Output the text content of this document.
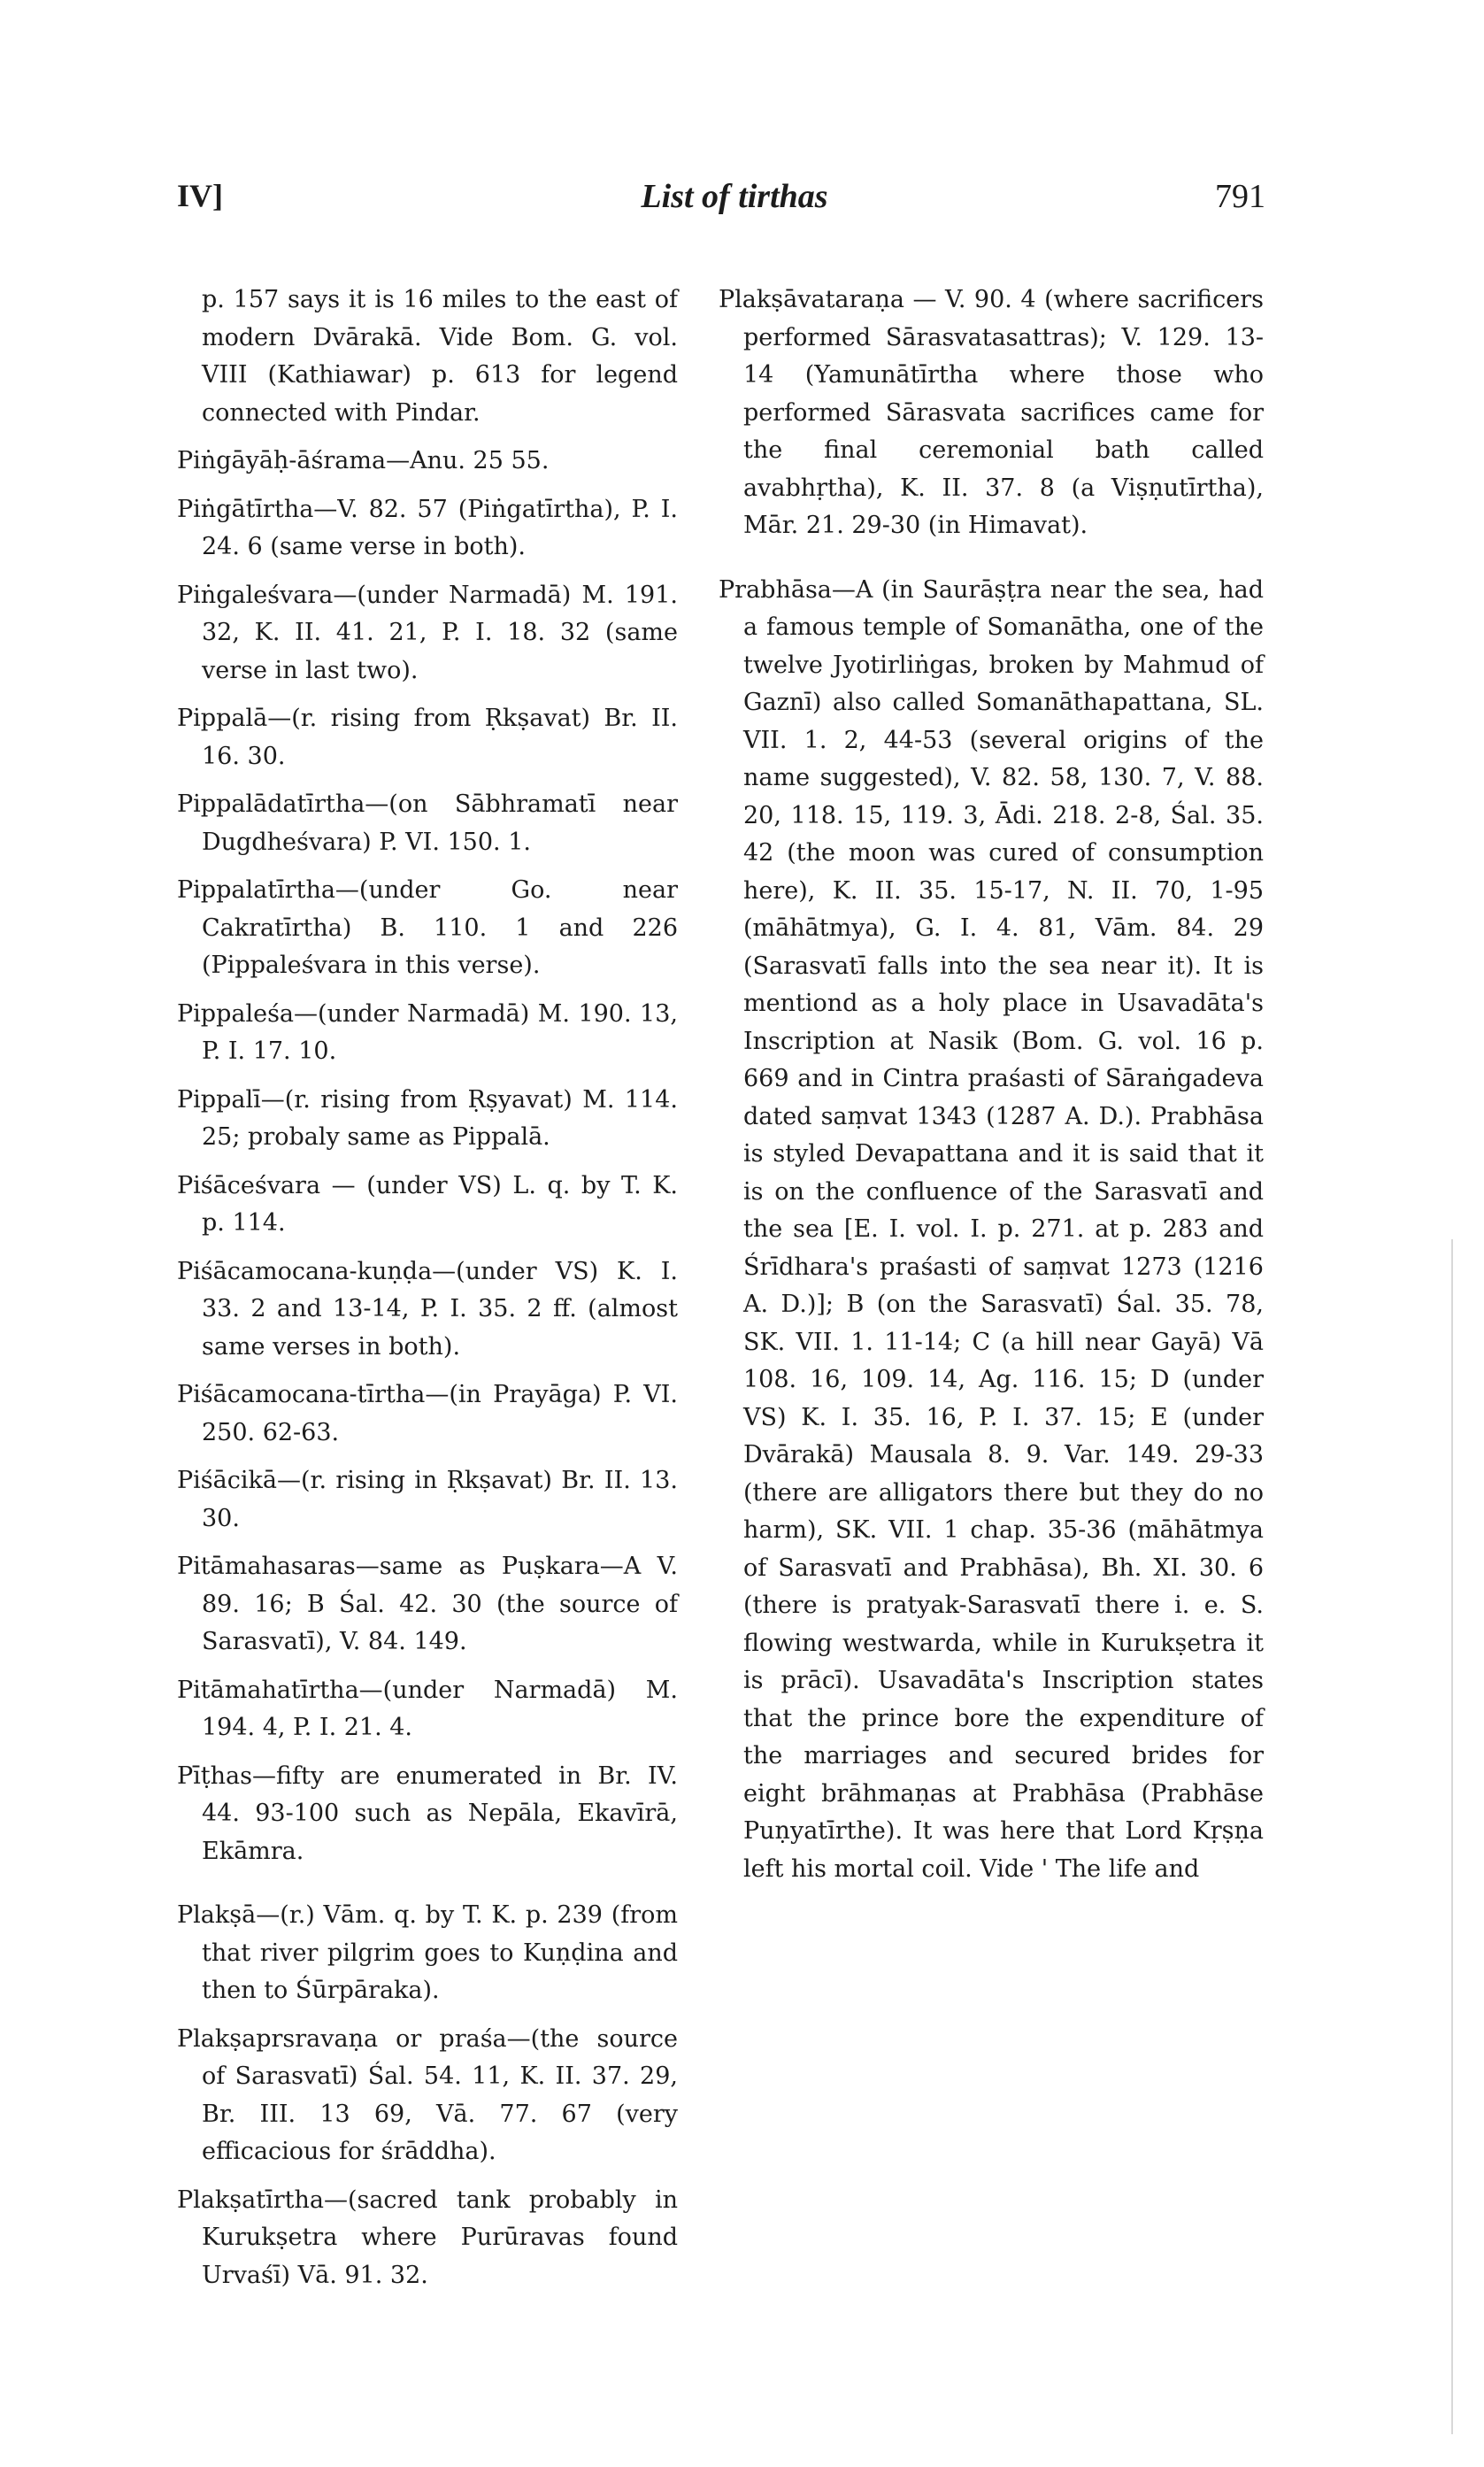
IV]	List of tirthas	791

p. 157 says it is 16 miles to the east of modern Dvārakā. Vide Bom. G. vol. VIII (Kathiawar) p. 613 for legend connected with Pindar.

Piṅgāyāḥ-āśrama—Anu. 25 55.

Piṅgātīrtha—V. 82. 57 (Piṅgatīrtha), P. I. 24. 6 (same verse in both).

Piṅgaleśvara—(under Narmadā) M. 191. 32, K. II. 41. 21, P. I. 18. 32 (same verse in last two).

Pippalā—(r. rising from Ṛkṣavat) Br. II. 16. 30.

Pippalādatīrtha—(on Sābhramatī near Dugdheśvara) P. VI. 150. 1.

Pippalatīrtha—(under Go. near Cakratīrtha) B. 110. 1 and 226 (Pippaleśvara in this verse).

Pippaleśa—(under Narmadā) M. 190. 13, P. I. 17. 10.

Pippalī—(r. rising from Ṛṣyavat) M. 114. 25; probaly same as Pippalā.

Piśāceśvara — (under VS) L. q. by T. K. p. 114.

Piśācamocana-kuṇḍa—(under VS) K. I. 33. 2 and 13-14, P. I. 35. 2 ff. (almost same verses in both).

Piśācamocana-tīrtha—(in Prayāga) P. VI. 250. 62-63.

Piśācikā—(r. rising in Ṛkṣavat) Br. II. 13. 30.

Pitāmahasaras—same as Puṣkara—A V. 89. 16; B Śal. 42. 30 (the source of Sarasvatī), V. 84. 149.

Pitāmahatīrtha—(under Narmadā) M. 194. 4, P. I. 21. 4.

Pīṭhas—fifty are enumerated in Br. IV. 44. 93-100 such as Nepāla, Ekavīrā, Ekāmra.

Plakṣā—(r.) Vām. q. by T. K. p. 239 (from that river pilgrim goes to Kuṇḍina and then to Śūrpāraka).

Plakṣaprsravaṇa or praśa—(the source of Sarasvatī) Śal. 54. 11, K. II. 37. 29, Br. III. 13 69, Vā. 77. 67 (very efficacious for śrāddha).

Plakṣatīrtha—(sacred tank probably in Kurukṣetra where Purūravas found Urvaśī) Vā. 91. 32.

Plakṣāvataraṇa — V. 90. 4 (where sacrificers performed Sārasvatasattras); V. 129. 13-14 (Yamunātīrtha where those who performed Sārasvata sacrifices came for the final ceremonial bath called avabhṛtha), K. II. 37. 8 (a Viṣṇutīrtha), Mār. 21. 29-30 (in Himavat).

Prabhāsa—A (in Saurāṣṭra near the sea, had a famous temple of Somanātha, one of the twelve Jyotirliṅgas, broken by Mahmud of Gaznī) also called Somanāthapattana, SL. VII. 1. 2, 44-53 (several origins of the name suggested), V. 82. 58, 130. 7, V. 88. 20, 118. 15, 119. 3, Ādi. 218. 2-8, Śal. 35. 42 (the moon was cured of consumption here), K. II. 35. 15-17, N. II. 70, 1-95 (māhātmya), G. I. 4. 81, Vām. 84. 29 (Sarasvatī falls into the sea near it). It is mentiond as a holy place in Usavadāta's Inscription at Nasik (Bom. G. vol. 16 p. 669 and in Cintra praśasti of Sāraṅgadeva dated saṃvat 1343 (1287 A. D.). Prabhāsa is styled Devapattana and it is said that it is on the confluence of the Sarasvatī and the sea [E. I. vol. I. p. 271. at p. 283 and Śrīdhara's praśasti of saṃvat 1273 (1216 A. D.)]; B (on the Sarasvatī) Śal. 35. 78, SK. VII. 1. 11-14; C (a hill near Gayā) Vā 108. 16, 109. 14, Ag. 116. 15; D (under VS) K. I. 35. 16, P. I. 37. 15; E (under Dvārakā) Mausala 8. 9. Var. 149. 29-33 (there are alligators there but they do no harm), SK. VII. 1 chap. 35-36 (māhātmya of Sarasvatī and Prabhāsa), Bh. XI. 30. 6 (there is pratyak-Sarasvatī there i. e. S. flowing westwarda, while in Kurukṣetra it is prācī). Usavadāta's Inscription states that the prince bore the expenditure of the marriages and secured brides for eight brāhmaṇas at Prabhāsa (Prabhāse Puṇyatīrthe). It was here that Lord Kṛṣṇa left his mortal coil. Vide ' The life and
